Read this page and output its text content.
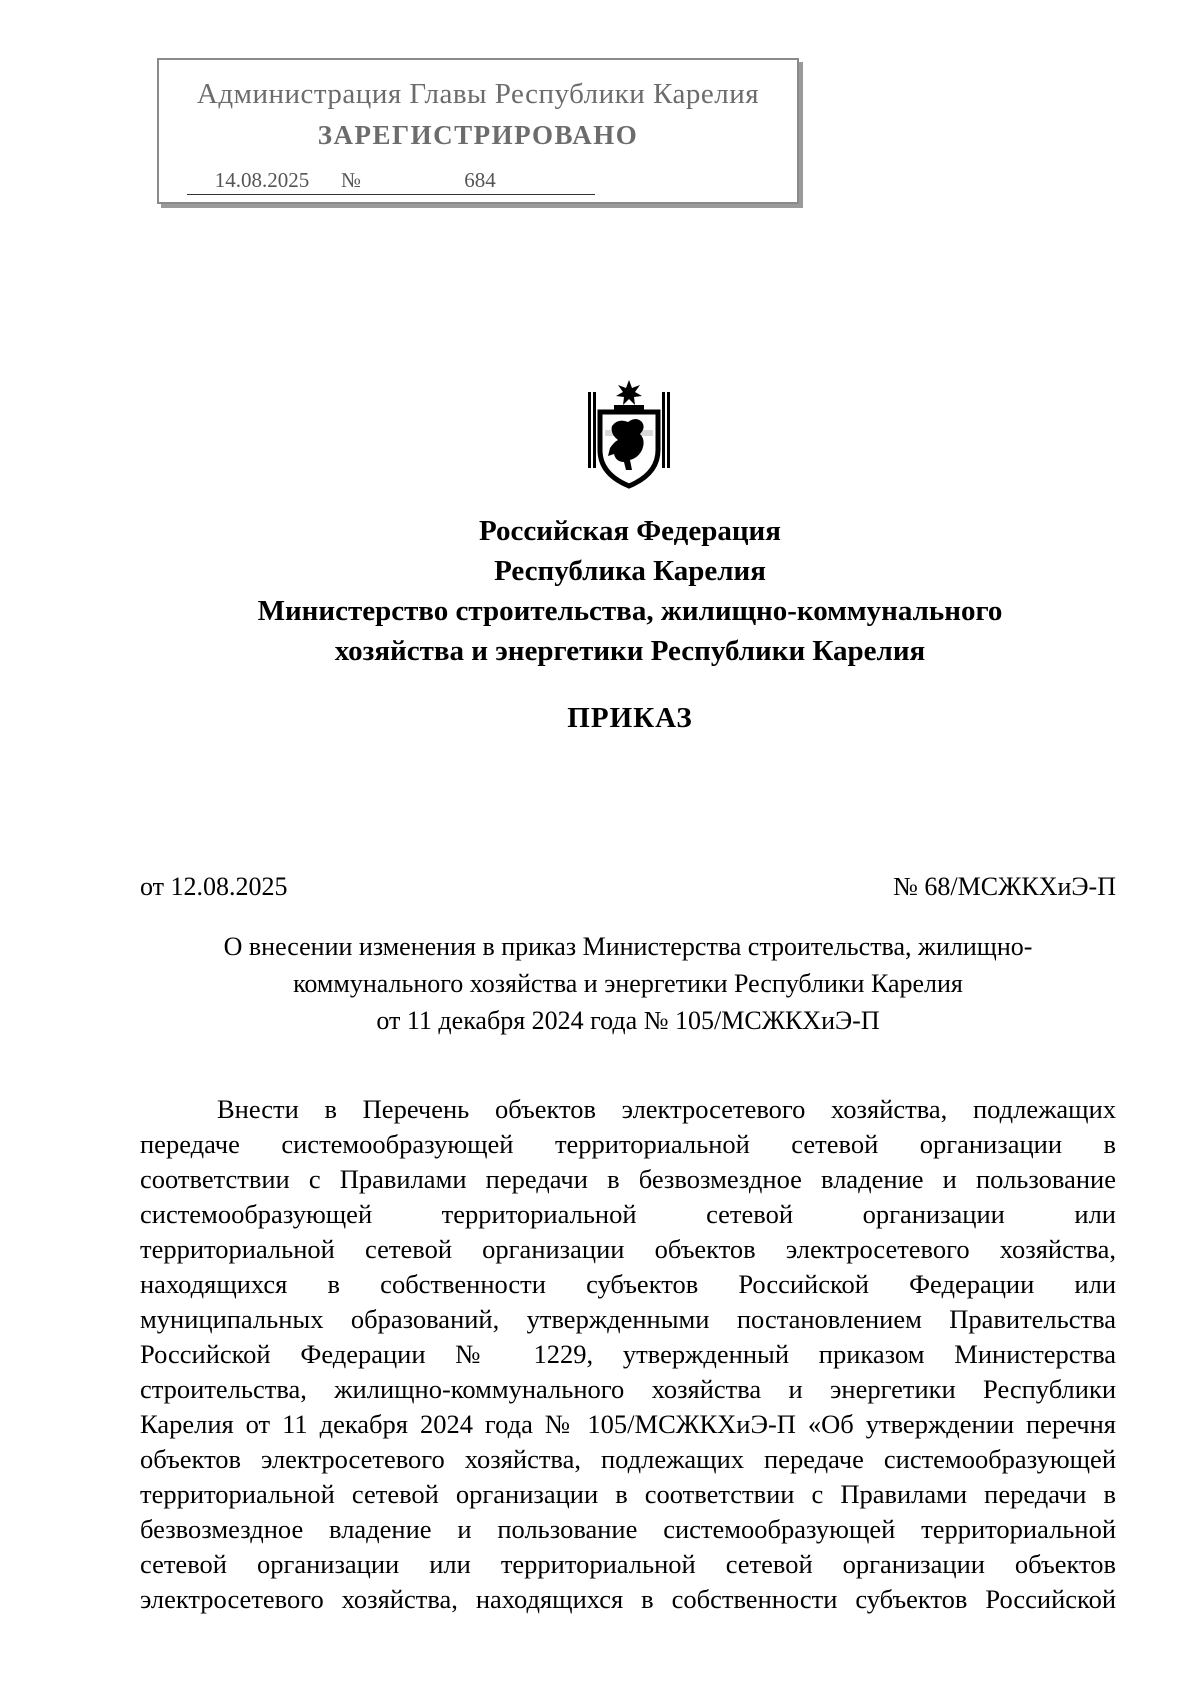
Администрация Главы Республики Карелия
ЗАРЕГИСТРИРОВАНО
14.08.2025 №	684
Российская Федерация
Республика Карелия
Министерство строительства, жилищно-коммунального
хозяйства и энергетики Республики Карелия
ПРИКАЗ
от 12.08.2025	№ 68/МСЖКХиЭ-П
О внесении изменения в приказ Министерства строительства, жилищно-
коммунального хозяйства и энергетики Республики Карелия
от 11 декабря 2024 года № 105/МСЖКХиЭ-П
Внести в Перечень объектов электросетевого хозяйства, подлежащих
передаче системообразующей территориальной сетевой организации в
соответствии с Правилами передачи в безвозмездное владение и пользование
системообразующей территориальной сетевой организации или
территориальной сетевой организации объектов электросетевого хозяйства,
находящихся в собственности субъектов Российской Федерации или
муниципальных образований, утвержденными постановлением Правительства
Российской Федерации № 1229, утвержденный приказом Министерства
строительства, жилищно-коммунального хозяйства и энергетики Республики
Карелия от 11 декабря 2024 года № 105/МСЖКХиЭ-П «Об утверждении перечня
объектов электросетевого хозяйства, подлежащих передаче системообразующей
территориальной сетевой организации в соответствии с Правилами передачи в
безвозмездное владение и пользование системообразующей территориальной
сетевой организации или территориальной сетевой организации объектов
электросетевого хозяйства, находящихся в собственности субъектов Российской
